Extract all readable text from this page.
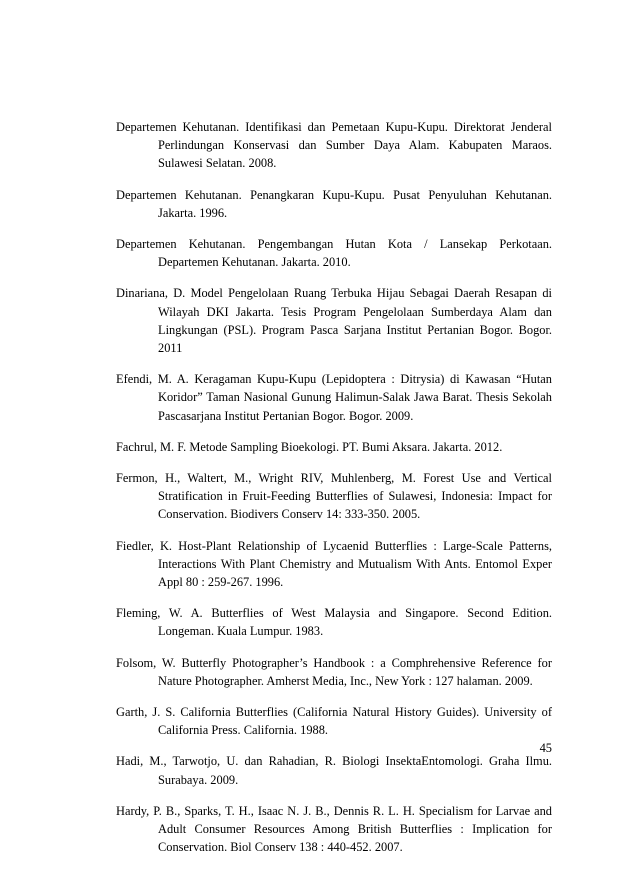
Departemen Kehutanan. Identifikasi dan Pemetaan Kupu-Kupu. Direktorat Jenderal Perlindungan Konservasi dan Sumber Daya Alam. Kabupaten Maraos. Sulawesi Selatan. 2008.

Departemen Kehutanan. Penangkaran Kupu-Kupu. Pusat Penyuluhan Kehutanan. Jakarta. 1996.

Departemen Kehutanan. Pengembangan Hutan Kota / Lansekap Perkotaan. Departemen Kehutanan. Jakarta. 2010.

Dinariana, D. Model Pengelolaan Ruang Terbuka Hijau Sebagai Daerah Resapan di Wilayah DKI Jakarta. Tesis Program Pengelolaan Sumberdaya Alam dan Lingkungan (PSL). Program Pasca Sarjana Institut Pertanian Bogor. Bogor. 2011

Efendi, M. A. Keragaman Kupu-Kupu (Lepidoptera : Ditrysia) di Kawasan “Hutan Koridor” Taman Nasional Gunung Halimun-Salak Jawa Barat. Thesis Sekolah Pascasarjana Institut Pertanian Bogor. Bogor. 2009.

Fachrul, M. F. Metode Sampling Bioekologi. PT. Bumi Aksara. Jakarta. 2012.

Fermon, H., Waltert, M., Wright RIV, Muhlenberg, M. Forest Use and Vertical Stratification in Fruit-Feeding Butterflies of Sulawesi, Indonesia: Impact for Conservation. Biodivers Conserv 14: 333-350. 2005.

Fiedler, K. Host-Plant Relationship of Lycaenid Butterflies : Large-Scale Patterns, Interactions With Plant Chemistry and Mutualism With Ants. Entomol Exper Appl 80 : 259-267. 1996.

Fleming, W. A. Butterflies of West Malaysia and Singapore. Second Edition. Longeman. Kuala Lumpur. 1983.

Folsom, W. Butterfly Photographer’s Handbook : a Comphrehensive Reference for Nature Photographer. Amherst Media, Inc., New York : 127 halaman. 2009.

Garth, J. S. California Butterflies (California Natural History Guides). University of California Press. California. 1988.

Hadi, M., Tarwotjo, U. dan Rahadian, R. Biologi InsektaEntomologi. Graha Ilmu. Surabaya. 2009.

Hardy, P. B., Sparks, T. H., Isaac N. J. B., Dennis R. L. H. Specialism for Larvae and Adult Consumer Resources Among British Butterflies : Implication for Conservation. Biol Conserv 138 : 440-452. 2007.

45
